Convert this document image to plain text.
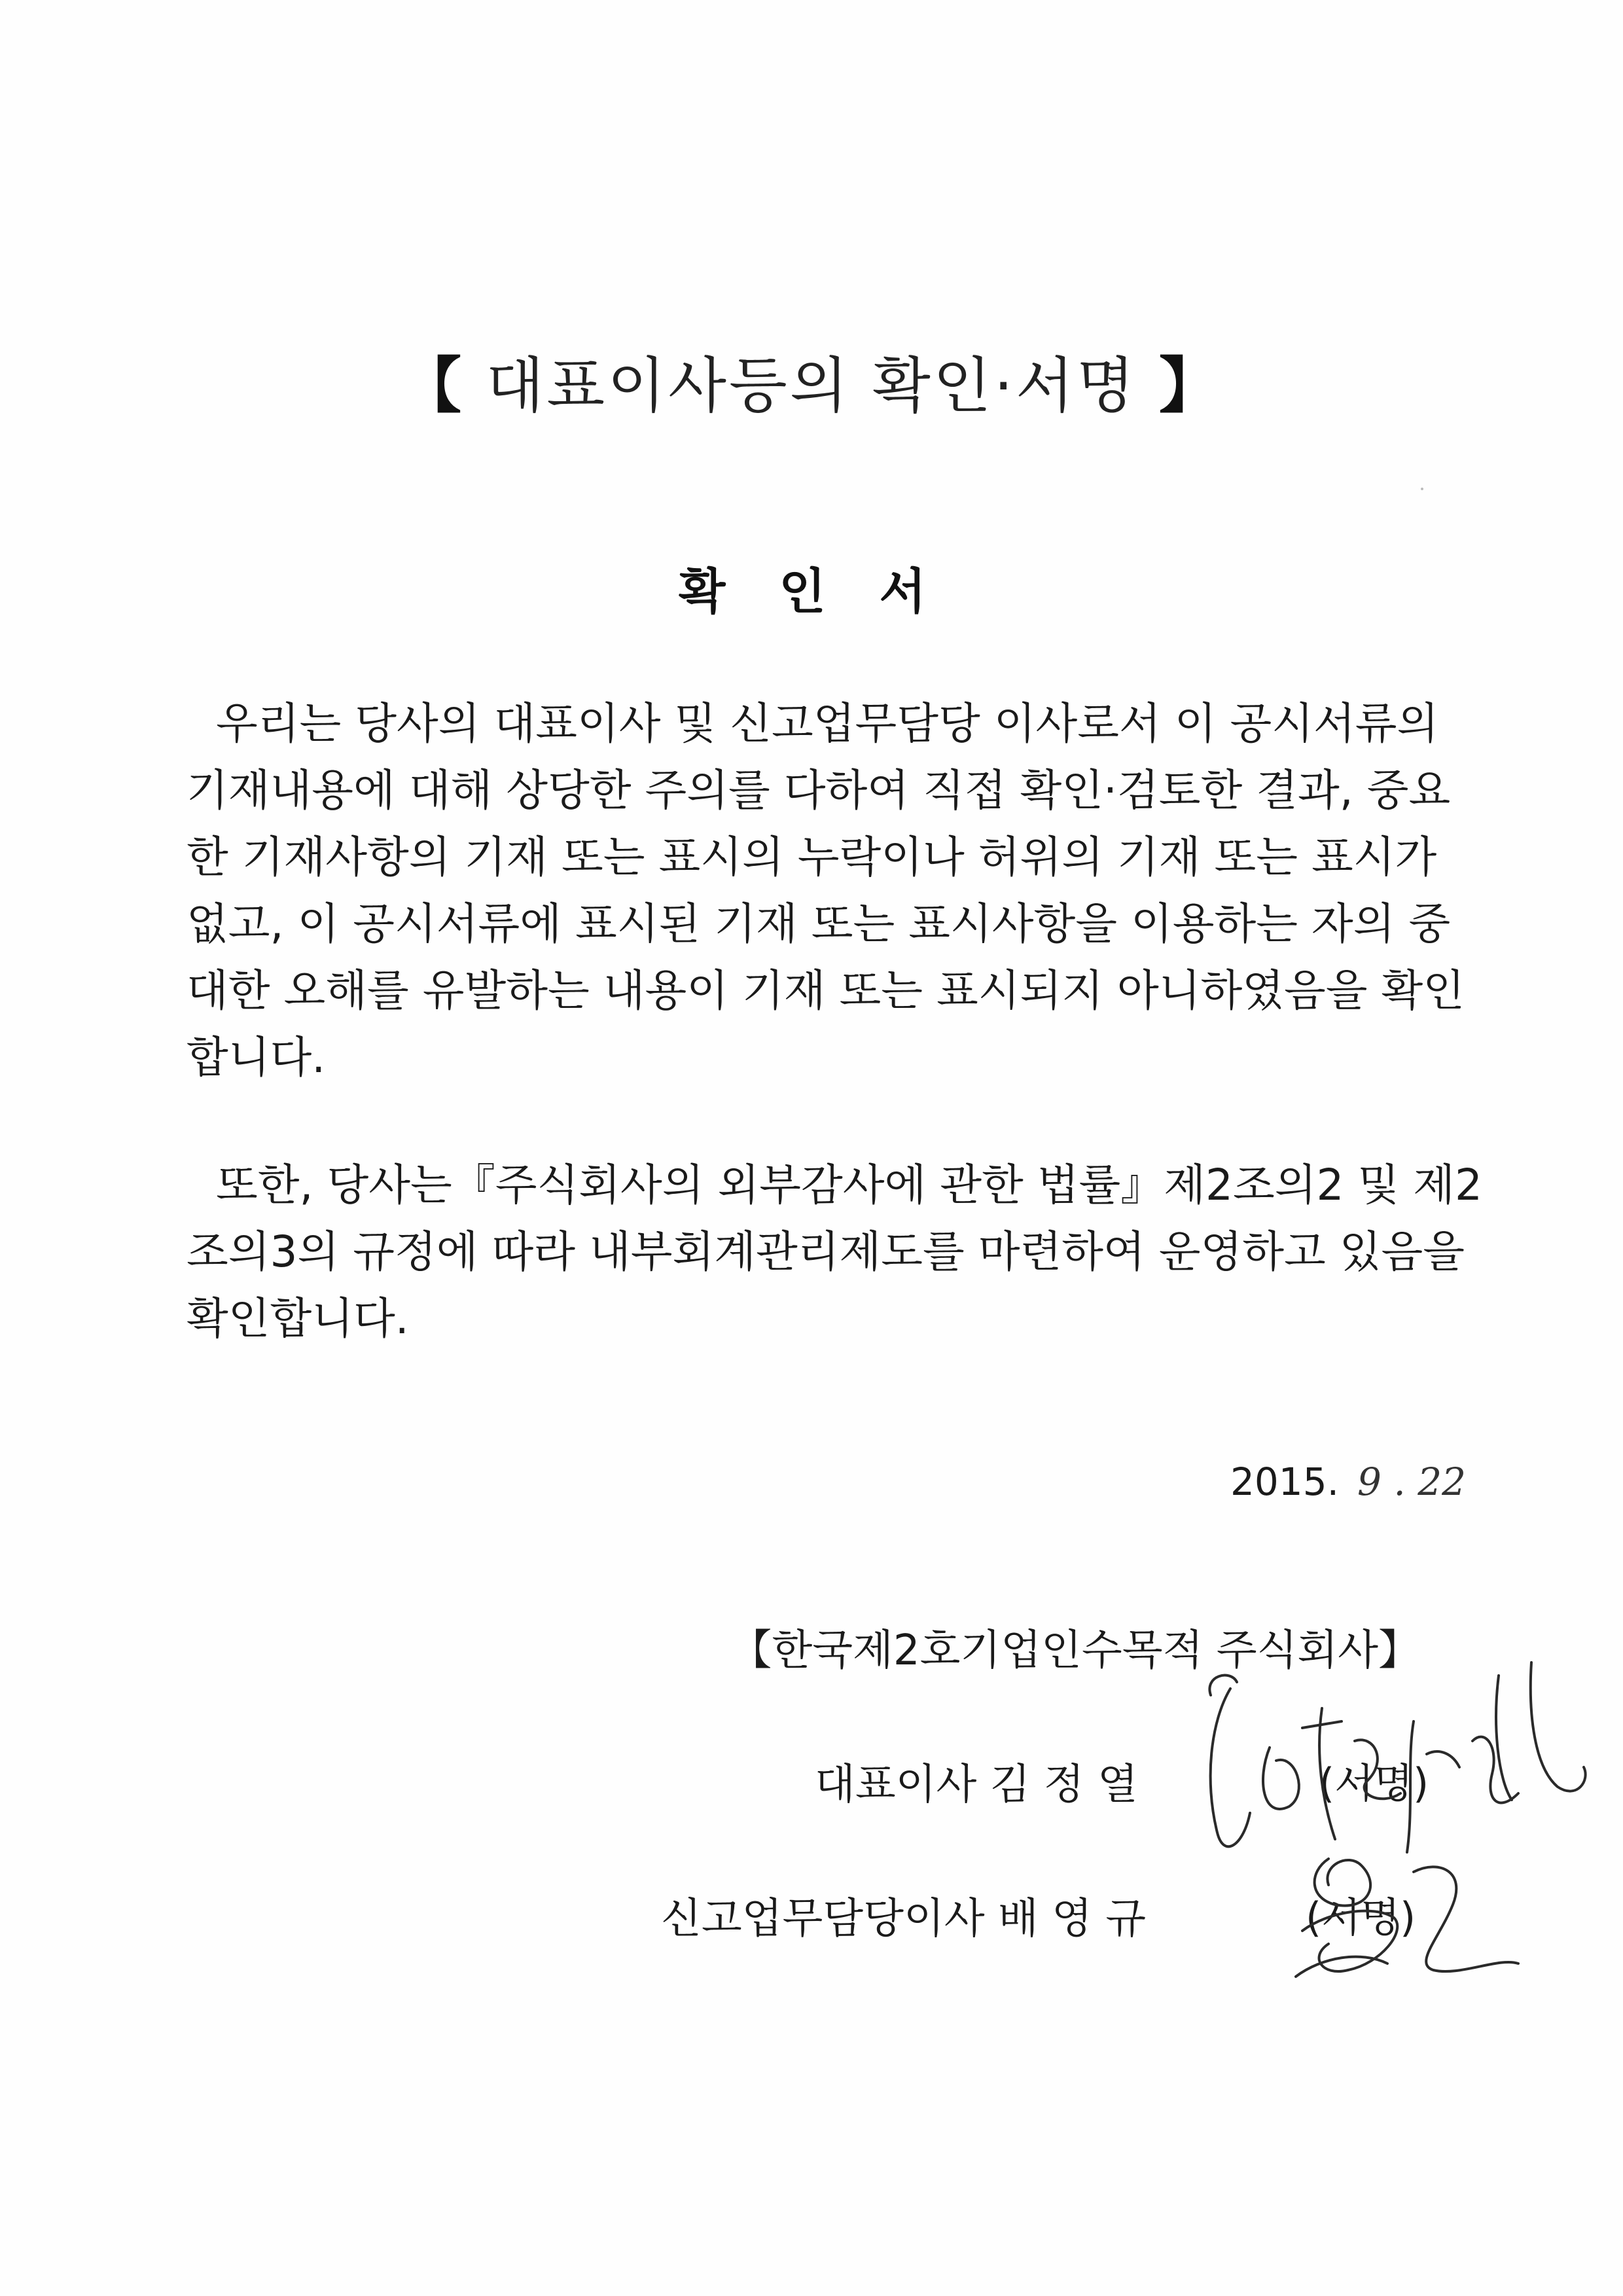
【 대표이사등의 확인·서명 】
확 인 서
우리는 당사의 대표이사 및 신고업무담당 이사로서 이 공시서류의
기재내용에 대해 상당한 주의를 다하여 직접 확인·검토한 결과, 중요
한 기재사항의 기재 또는 표시의 누락이나 허위의 기재 또는 표시가
없고, 이 공시서류에 표시된 기재 또는 표시사항을 이용하는 자의 중
대한 오해를 유발하는 내용이 기재 또는 표시되지 아니하였음을 확인
합니다.
또한, 당사는『주식회사의 외부감사에 관한 법률』제2조의2 및 제2
조의3의 규정에 따라 내부회계관리제도를 마련하여 운영하고 있음을
확인합니다.
2015. 9 . 22
【한국제2호기업인수목적 주식회사】
대표이사 김 정 열	(서명)
신고업무담당이사 배 영 규	(서명)
